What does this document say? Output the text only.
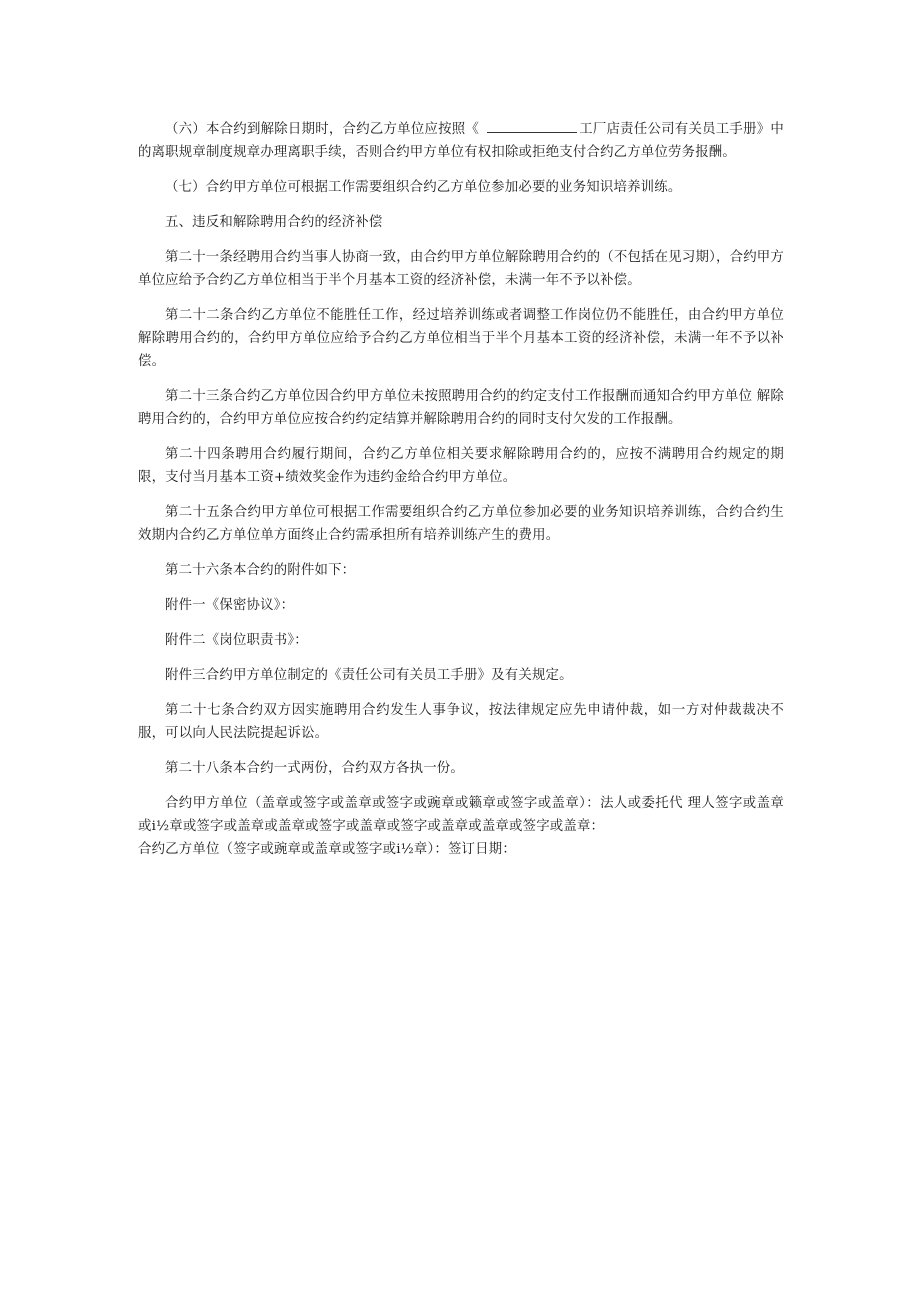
（六）本合约到解除日期时，合约乙方单位应按照《	工厂店责任公司有关员工手册》中的离职规章制度规章办理离职手续，否则合约甲方单位有权扣除或拒绝支付合约乙方单位劳务报酬。

（七）合约甲方单位可根据工作需要组织合约乙方单位参加必要的业务知识培养训练。

五、违反和解除聘用合约的经济补偿

第二十一条经聘用合约当事人协商一致，由合约甲方单位解除聘用合约的（不包括在见习期），合约甲方单位应给予合约乙方单位相当于半个月基本工资的经济补偿，未满一年不予以补偿。

第二十二条合约乙方单位不能胜任工作，经过培养训练或者调整工作岗位仍不能胜任，由合约甲方单位解除聘用合约的，合约甲方单位应给予合约乙方单位相当于半个月基本工资的经济补偿，未满一年不予以补偿。

第二十三条合约乙方单位因合约甲方单位未按照聘用合约的约定支付工作报酬而通知合约甲方单位 解除聘用合约的，合约甲方单位应按合约约定结算并解除聘用合约的同时支付欠发的工作报酬。

第二十四条聘用合约履行期间，合约乙方单位相关要求解除聘用合约的，应按不满聘用合约规定的期限，支付当月基本工资+绩效奖金作为违约金给合约甲方单位。

第二十五条合约甲方单位可根据工作需要组织合约乙方单位参加必要的业务知识培养训练，合约合约生效期内合约乙方单位单方面终止合约需承担所有培养训练产生的费用。

第二十六条本合约的附件如下：

附件一《保密协议》：

附件二《岗位职责书》：

附件三合约甲方单位制定的《责任公司有关员工手册》及有关规定。

第二十七条合约双方因实施聘用合约发生人事争议，按法律规定应先申请仲裁，如一方对仲裁裁决不服，可以向人民法院提起诉讼。

第二十八条本合约一式两份，合约双方各执一份。

合约甲方单位（盖章或签字或盖章或签字或豌章或籁章或签字或盖章）：法人或委托代 理人签字或盖章或i½章或签字或盖章或盖章或签字或盖章或签字或盖章或盖章或签字或盖章：

合约乙方单位（签字或豌章或盖章或签字或i½章）：签订日期：
